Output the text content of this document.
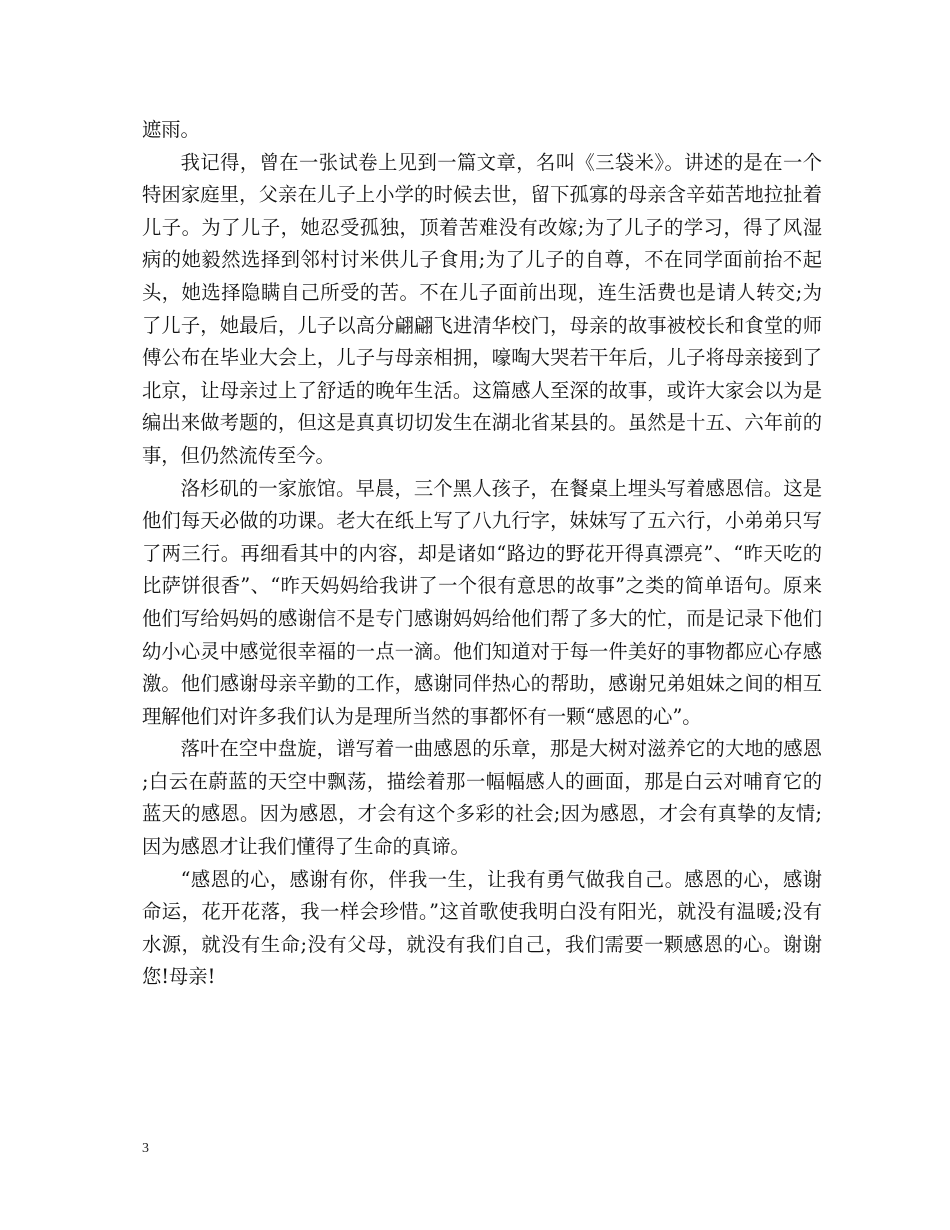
遮雨。

我记得，曾在一张试卷上见到一篇文章，名叫《三袋米》。讲述的是在一个特困家庭里，父亲在儿子上小学的时候去世，留下孤寡的母亲含辛茹苦地拉扯着儿子。为了儿子，她忍受孤独，顶着苦难没有改嫁;为了儿子的学习，得了风湿病的她毅然选择到邻村讨米供儿子食用;为了儿子的自尊，不在同学面前抬不起头，她选择隐瞒自己所受的苦。不在儿子面前出现，连生活费也是请人转交;为了儿子，她最后，儿子以高分翩翩飞进清华校门，母亲的故事被校长和食堂的师傅公布在毕业大会上，儿子与母亲相拥，嚎啕大哭若干年后，儿子将母亲接到了北京，让母亲过上了舒适的晚年生活。这篇感人至深的故事，或许大家会以为是编出来做考题的，但这是真真切切发生在湖北省某县的。虽然是十五、六年前的事，但仍然流传至今。

洛杉矶的一家旅馆。早晨，三个黑人孩子，在餐桌上埋头写着感恩信。这是他们每天必做的功课。老大在纸上写了八九行字，妹妹写了五六行，小弟弟只写了两三行。再细看其中的内容，却是诸如“路边的野花开得真漂亮”、“昨天吃的比萨饼很香”、“昨天妈妈给我讲了一个很有意思的故事”之类的简单语句。原来他们写给妈妈的感谢信不是专门感谢妈妈给他们帮了多大的忙，而是记录下他们幼小心灵中感觉很幸福的一点一滴。他们知道对于每一件美好的事物都应心存感激。他们感谢母亲辛勤的工作，感谢同伴热心的帮助，感谢兄弟姐妹之间的相互理解他们对许多我们认为是理所当然的事都怀有一颗“感恩的心”。

落叶在空中盘旋，谱写着一曲感恩的乐章，那是大树对滋养它的大地的感恩;白云在蔚蓝的天空中飘荡，描绘着那一幅幅感人的画面，那是白云对哺育它的蓝天的感恩。因为感恩，才会有这个多彩的社会;因为感恩，才会有真挚的友情;因为感恩才让我们懂得了生命的真谛。

“感恩的心，感谢有你，伴我一生，让我有勇气做我自己。感恩的心，感谢命运，花开花落，我一样会珍惜。”这首歌使我明白没有阳光，就没有温暖;没有水源，就没有生命;没有父母，就没有我们自己，我们需要一颗感恩的心。谢谢您!母亲!

3
